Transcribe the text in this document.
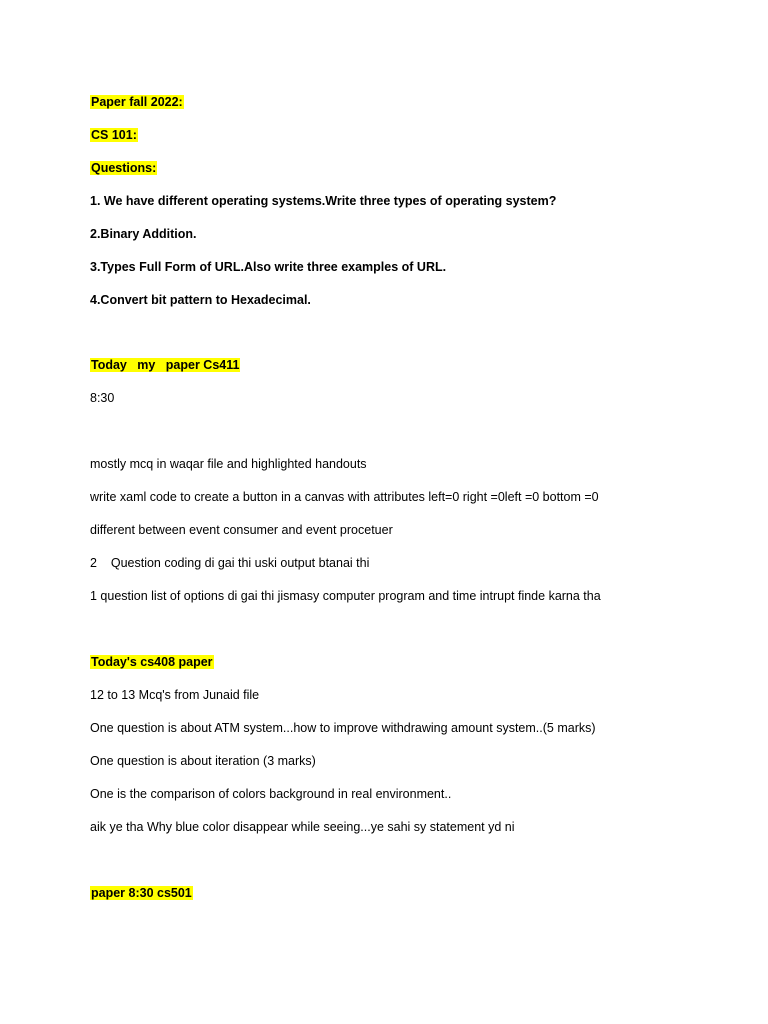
Paper fall 2022:
CS 101:
Questions:
1. We have different operating systems.Write three types of operating system?
2.Binary Addition.
3.Types Full Form of URL.Also write three examples of URL.
4.Convert bit pattern to Hexadecimal.
Today   my   paper Cs411
8:30
mostly mcq in waqar file and highlighted handouts
write xaml code to create a button in a canvas with attributes left=0 right =0left =0 bottom =0
different between event consumer and event procetuer
2    Question coding di gai thi uski output btanai thi
1 question list of options di gai thi jismasy computer program and time intrupt finde karna tha
Today's cs408 paper
12 to 13 Mcq's from Junaid file
One question is about ATM system...how to improve withdrawing amount system..(5 marks)
One question is about iteration (3 marks)
One is the comparison of colors background in real environment..
aik ye tha Why blue color disappear while seeing...ye sahi sy statement yd ni
paper 8:30 cs501
